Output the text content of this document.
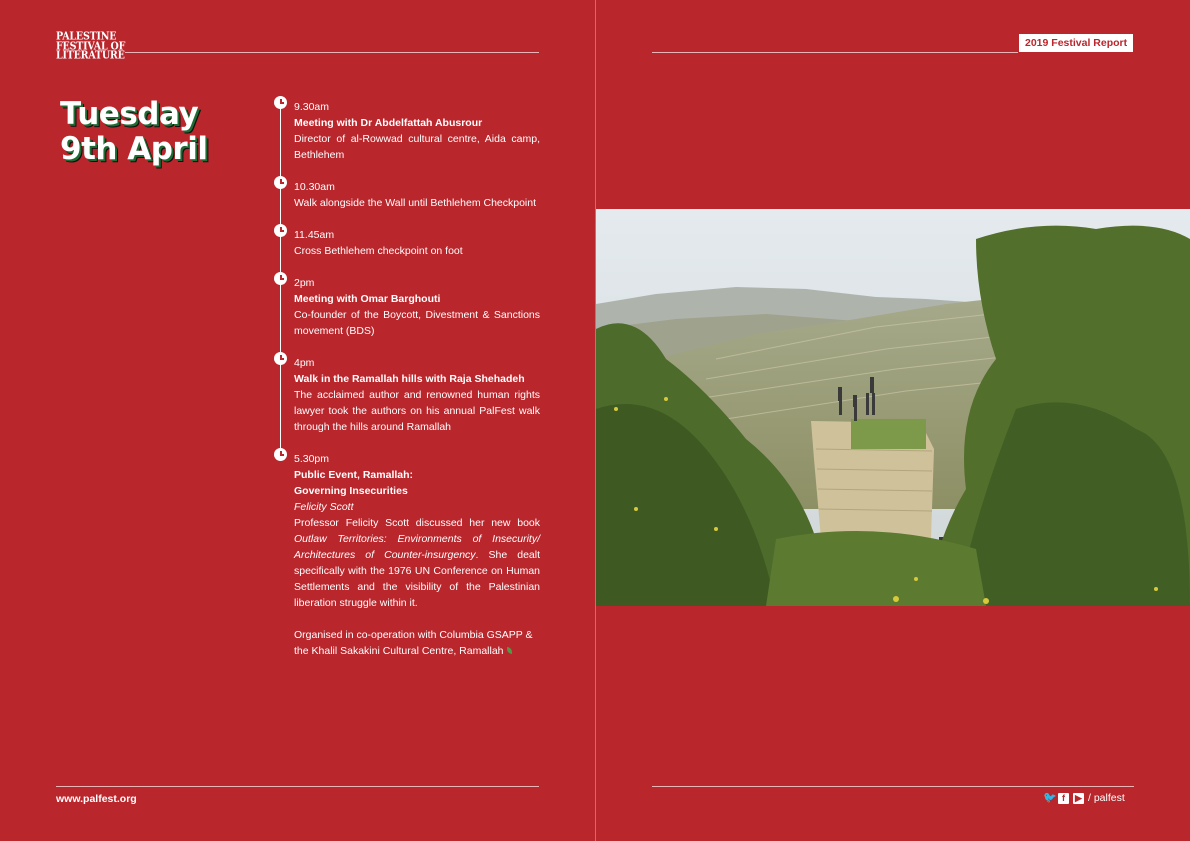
PALESTINE
FESTIVAL OF
LITERATURE
2019 Festival Report
Tuesday
9th April
9.30am
Meeting with Dr Abdelfattah Abusrour
Director of al-Rowwad cultural centre, Aida camp, Bethlehem
10.30am
Walk alongside the Wall until Bethlehem Checkpoint
11.45am
Cross Bethlehem checkpoint on foot
2pm
Meeting with Omar Barghouti
Co-founder of the Boycott, Divestment & Sanctions movement (BDS)
4pm
Walk in the Ramallah hills with Raja Shehadeh
The acclaimed author and renowned human rights lawyer took the authors on his annual PalFest walk through the hills around Ramallah
5.30pm
Public Event, Ramallah:
Governing Insecurities
Felicity Scott
Professor Felicity Scott discussed her new book Outlaw Territories: Environments of Insecurity/ Architectures of Counter-insurgency. She dealt specifically with the 1976 UN Conference on Human Settlements and the visibility of the Palestinian liberation struggle within it.
Organised in co-operation with Columbia GSAPP & the Khalil Sakakini Cultural Centre, Ramallah
www.palfest.org	🐦 f	▶ / palfest
